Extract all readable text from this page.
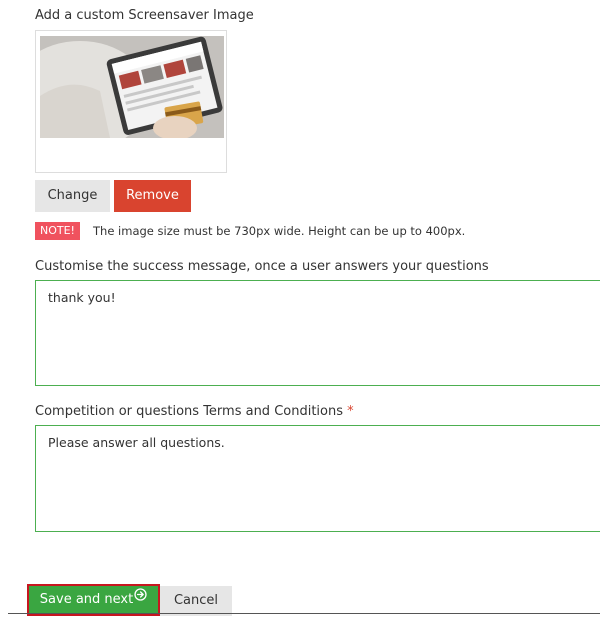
Add a custom Screensaver Image
Change	Remove
NOTE!	The image size must be 730px wide. Height can be up to 400px.
Customise the success message, once a user answers your questions
thank you!
Competition or questions Terms and Conditions *
Please answer all questions.
Save and next	Cancel
